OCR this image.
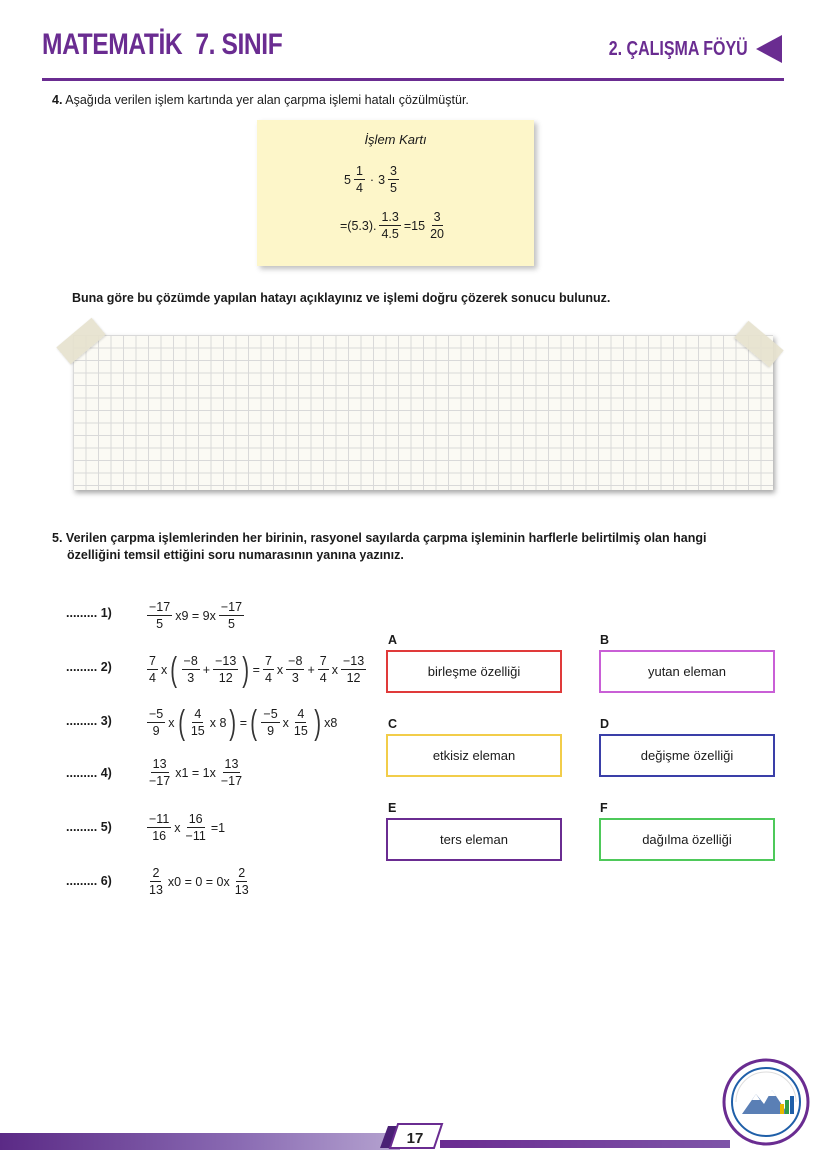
MATEMATİK 7. SINIF	2. ÇALIŞMA FÖYÜ
4. Aşağıda verilen işlem kartında yer alan çarpma işlemi hatalı çözülmüştür.
İşlem Kartı
$5 \frac{1}{4} \cdot 3 \frac{3}{5}$
=(5.3). $\frac{1.3}{4.5} =15 \frac{3}{20}$
Buna göre bu çözümde yapılan hatayı açıklayınız ve işlemi doğru çözerek sonucu bulunuz.
5. Verilen çarpma işlemlerinden her birinin, rasyonel sayılarda çarpma işleminin harflerle belirtilmiş olan hangi
özelliğini temsil ettiğini soru numarasının yanına yazınız.
......... 1)	$\frac{-17}{5} x9 = 9x \frac{-17}{5}$
......... 2)	$\frac{7}{4}$ x ( $\frac{-8}{3} + \frac{-13}{12}$ ) = $\frac{7}{4}$ x $\frac{-8}{3} + \frac{7}{4}$ x $\frac{-13}{12}$
......... 3)	$\frac{-5}{9}$ x ( $\frac{4}{15}$ x 8 ) = ( $\frac{-5}{9}$ x $\frac{4}{15}$ ) x8
......... 4)	$\frac{13}{-17} x1 = 1x \frac{13}{-17}$
......... 5)	$\frac{-11}{16}$ x $\frac{16}{-11} =1$
......... 6)	$\frac{2}{13} x0 = 0 = 0x \frac{2}{13}$
A
birleşme özelliği
B
yutan eleman
C
etkisiz eleman
D
değişme özelliği
E
ters eleman
F
dağılma özelliği
17
